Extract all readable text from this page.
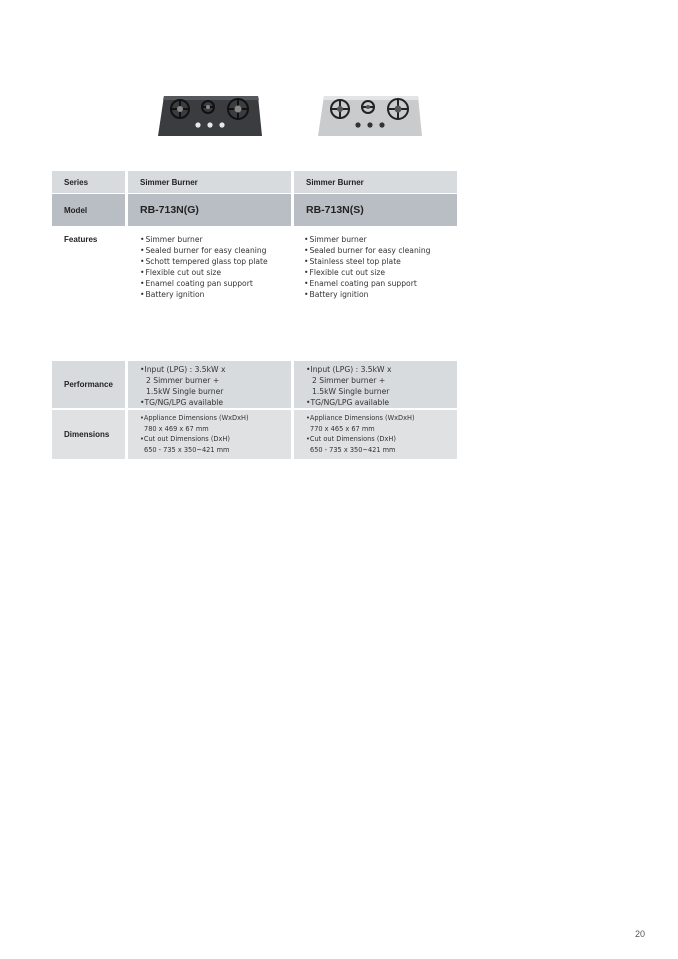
Series	Simmer Burner	Simmer Burner
Model	RB-713N(G)	RB-713N(S)
Features
•	Simmer burner
• Sealed burner for easy cleaning
• Schott tempered glass top plate
• Flexible cut out size
• Enamel coating pan support
• Battery ignition
• Simmer burner
• Sealed burner for easy cleaning
• Stainless steel top plate
• Flexible cut out size
• Enamel coating pan support
• Battery ignition
Performance
•Input (LPG) : 3.5kW x
2 Simmer burner +
1.5kW Single burner
•TG/NG/LPG available
•Input (LPG) : 3.5kW x
2 Simmer burner +
1.5kW Single burner
•TG/NG/LPG available
Dimensions
•Appliance Dimensions (WxDxH)
780 x 469 x 67 mm
•Cut out Dimensions (DxH)
650 - 735 x 350~421 mm
•Appliance Dimensions (WxDxH)
770 x 465 x 67 mm
•Cut out Dimensions (DxH)
650 - 735 x 350~421 mm
20
